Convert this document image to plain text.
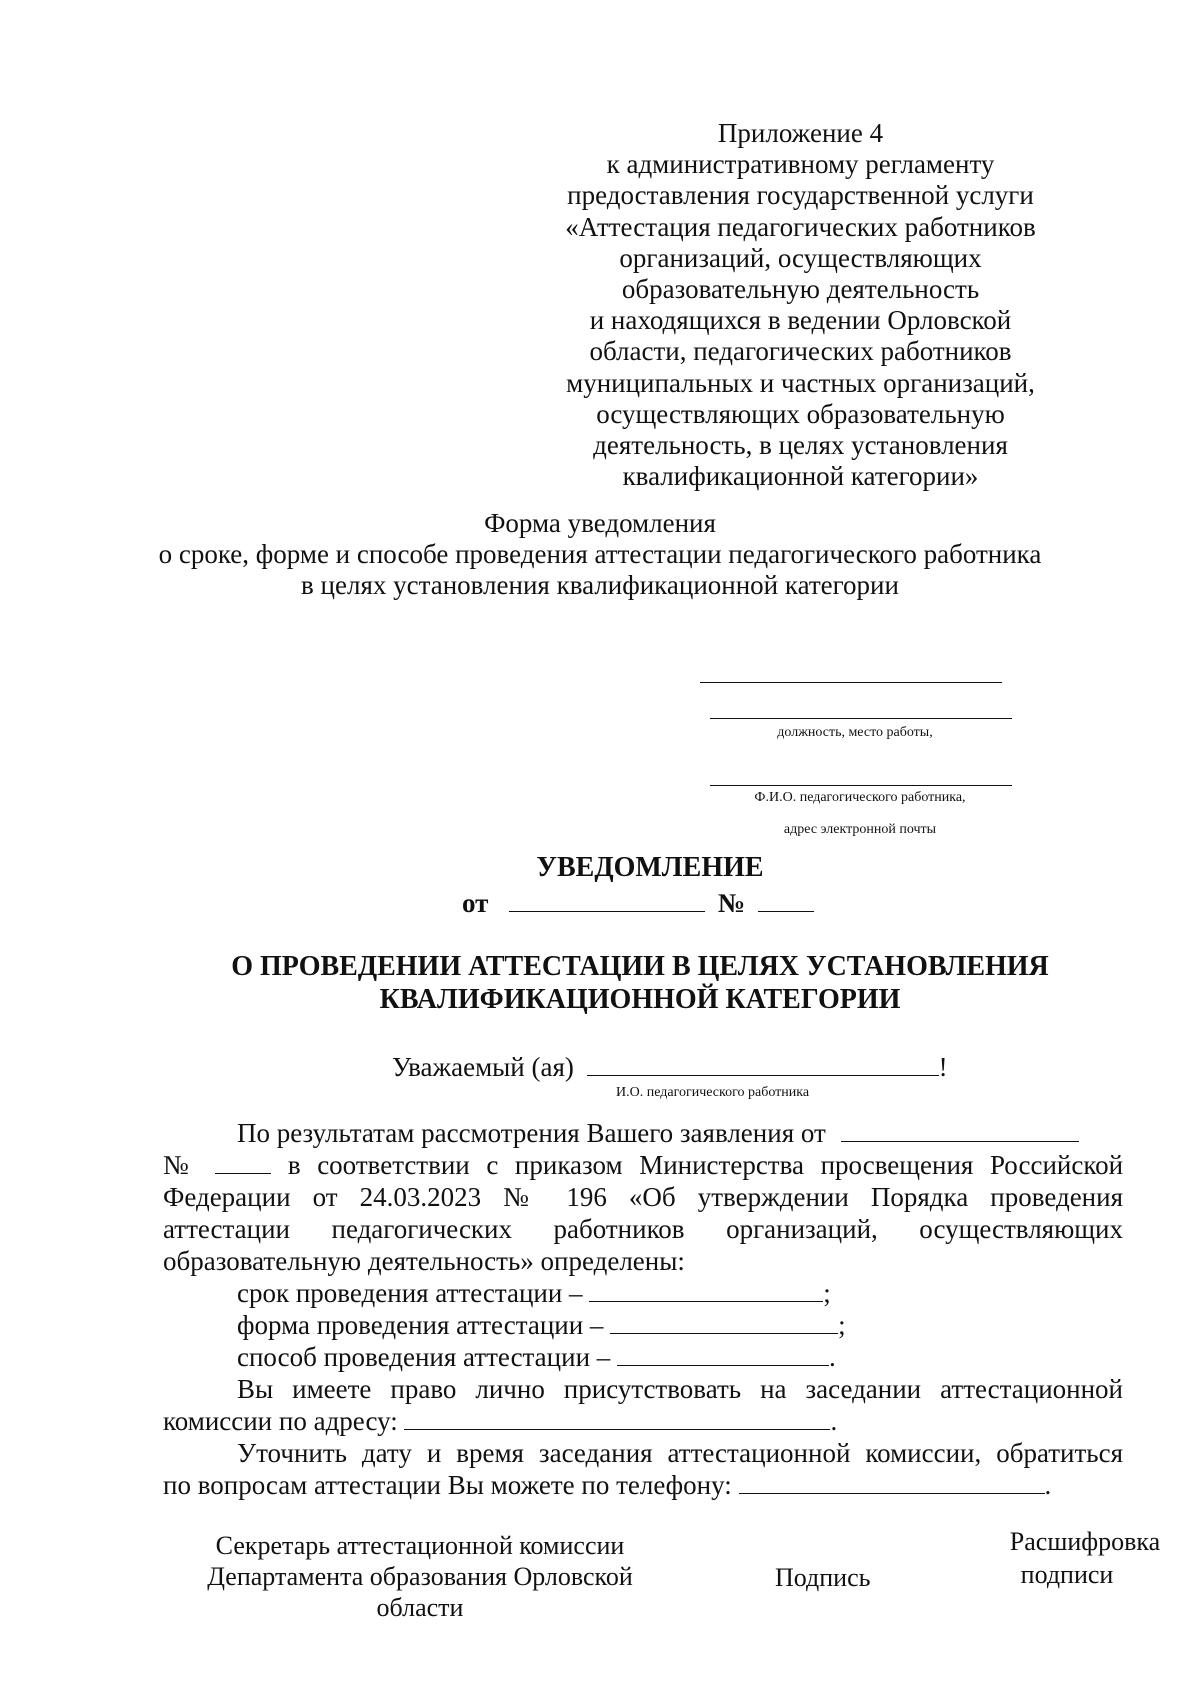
Приложение 4
к административному регламенту
предоставления государственной услуги
«Аттестация педагогических работников
организаций, осуществляющих
образовательную деятельность
и находящихся в ведении Орловской
области, педагогических работников
муниципальных и частных организаций,
осуществляющих образовательную
деятельность, в целях установления
квалификационной категории»
Форма уведомления
о сроке, форме и способе проведения аттестации педагогического работника
в целях установления квалификационной категории
должность, место работы,
Ф.И.О. педагогического работника,
адрес электронной почты
УВЕДОМЛЕНИЕ
от	№
О ПРОВЕДЕНИИ АТТЕСТАЦИИ В ЦЕЛЯХ УСТАНОВЛЕНИЯ
КВАЛИФИКАЦИОННОЙ КАТЕГОРИИ
Уважаемый (ая)	!
И.О. педагогического работника
По результатам рассмотрения Вашего заявления от
№	в соответствии с приказом Министерства просвещения Российской
Федерации от 24.03.2023 № 196 «Об утверждении Порядка проведения
аттестации педагогических работников организаций, осуществляющих
образовательную деятельность» определены:
срок проведения аттестации –	;
форма проведения аттестации –	;
способ проведения аттестации –	.
Вы имеете право лично присутствовать на заседании аттестационной
комиссии по адресу:	.
Уточнить дату и время заседания аттестационной комиссии, обратиться
по вопросам аттестации Вы можете по телефону:	.
Секретарь аттестационной комиссии
Департамента образования Орловской
области
Подпись
Расшифровка
подписи
